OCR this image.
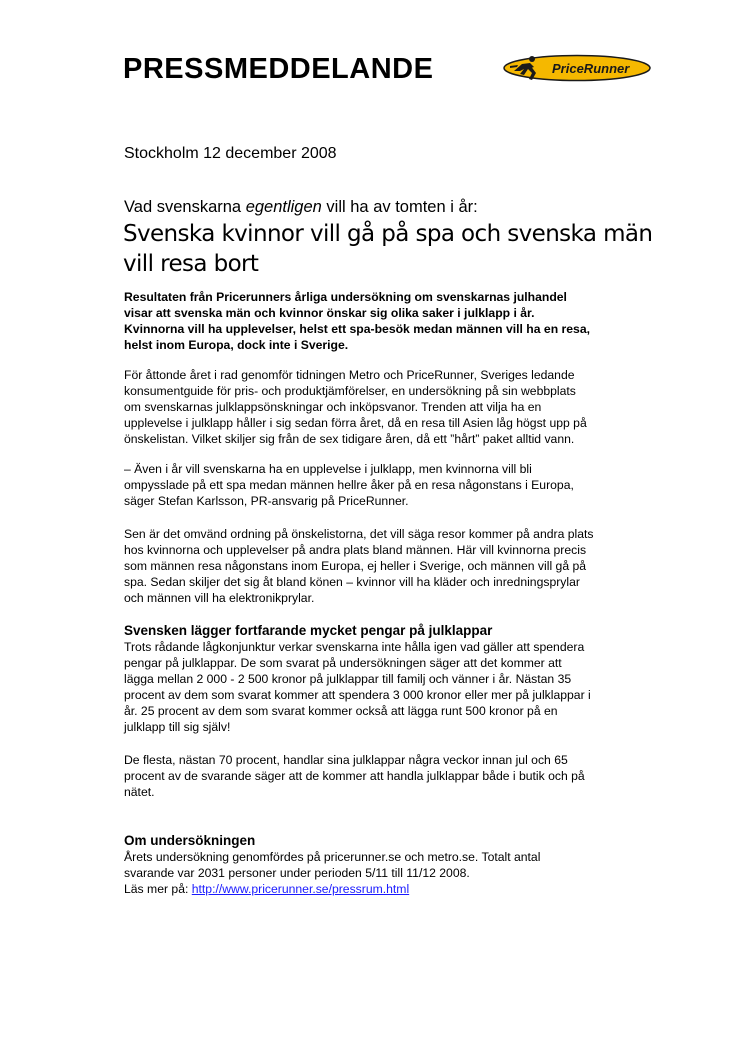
PRESSMEDDELANDE	PriceRunner
Stockholm 12 december 2008
Vad svenskarna egentligen vill ha av tomten i år:
Svenska kvinnor vill gå på spa och svenska män vill resa bort
Resultaten från Pricerunners årliga undersökning om svenskarnas julhandel
visar att svenska män och kvinnor önskar sig olika saker i julklapp i år.
Kvinnorna vill ha upplevelser, helst ett spa-besök medan männen vill ha en resa,
helst inom Europa, dock inte i Sverige.
För åttonde året i rad genomför tidningen Metro och PriceRunner, Sveriges ledande
konsumentguide för pris- och produktjämförelser, en undersökning på sin webbplats
om svenskarnas julklappsönskningar och inköpsvanor. Trenden att vilja ha en
upplevelse i julklapp håller i sig sedan förra året, då en resa till Asien låg högst upp på
önskelistan. Vilket skiljer sig från de sex tidigare åren, då ett ”hårt” paket alltid vann.
– Även i år vill svenskarna ha en upplevelse i julklapp, men kvinnorna vill bli
ompysslade på ett spa medan männen hellre åker på en resa någonstans i Europa,
säger Stefan Karlsson, PR-ansvarig på PriceRunner.
Sen är det omvänd ordning på önskelistorna, det vill säga resor kommer på andra plats
hos kvinnorna och upplevelser på andra plats bland männen. Här vill kvinnorna precis
som männen resa någonstans inom Europa, ej heller i Sverige, och männen vill gå på
spa. Sedan skiljer det sig åt bland könen – kvinnor vill ha kläder och inredningsprylar
och männen vill ha elektronikprylar.
Svensken lägger fortfarande mycket pengar på julklappar
Trots rådande lågkonjunktur verkar svenskarna inte hålla igen vad gäller att spendera
pengar på julklappar. De som svarat på undersökningen säger att det kommer att
lägga mellan 2 000 - 2 500 kronor på julklappar till familj och vänner i år. Nästan 35
procent av dem som svarat kommer att spendera 3 000 kronor eller mer på julklappar i
år. 25 procent av dem som svarat kommer också att lägga runt 500 kronor på en
julklapp till sig själv!
De flesta, nästan 70 procent, handlar sina julklappar några veckor innan jul och 65
procent av de svarande säger att de kommer att handla julklappar både i butik och på
nätet.
Om undersökningen
Årets undersökning genomfördes på pricerunner.se och metro.se. Totalt antal
svarande var 2031 personer under perioden 5/11 till 11/12 2008.
Läs mer på: http://www.pricerunner.se/pressrum.html
